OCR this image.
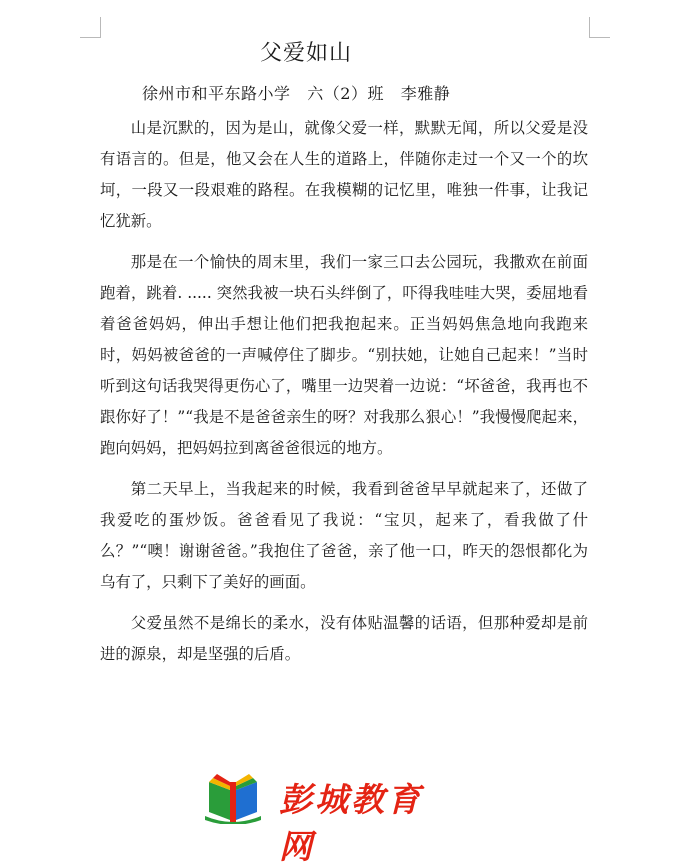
父爱如山
徐州市和平东路小学   六（2）班   李雅静

山是沉默的，因为是山，就像父爱一样，默默无闻，所以父爱是没有语言的。但是，他又会在人生的道路上，伴随你走过一个又一个的坎坷，一段又一段艰难的路程。在我模糊的记忆里，唯独一件事，让我记忆犹新。

那是在一个愉快的周末里，我们一家三口去公园玩，我撒欢在前面跑着，跳着. ..... 突然我被一块石头绊倒了，吓得我哇哇大哭，委屈地看着爸爸妈妈，伸出手想让他们把我抱起来。正当妈妈焦急地向我跑来时，妈妈被爸爸的一声喊停住了脚步。“别扶她，让她自己起来！”当时听到这句话我哭得更伤心了，嘴里一边哭着一边说：“坏爸爸，我再也不跟你好了！”“我是不是爸爸亲生的呀？对我那么狠心！”我慢慢爬起来，跑向妈妈，把妈妈拉到离爸爸很远的地方。

第二天早上，当我起来的时候，我看到爸爸早早就起来了，还做了我爱吃的蛋炒饭。爸爸看见了我说：“宝贝，起来了，看我做了什么？”“噢！谢谢爸爸。”我抱住了爸爸，亲了他一口，昨天的怨恨都化为乌有了，只剩下了美好的画面。

父爱虽然不是绵长的柔水，没有体贴温馨的话语，但那种爱却是前进的源泉，却是坚强的后盾。

彭城教育网
